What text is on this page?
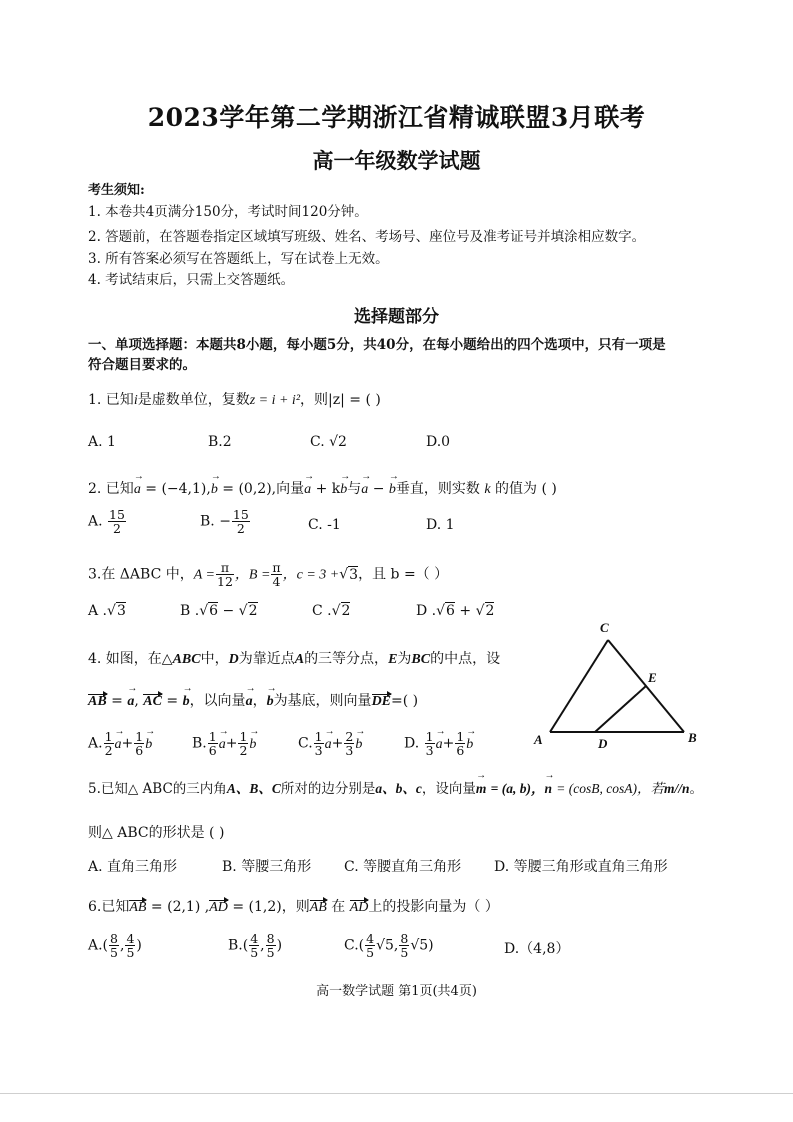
2023学年第二学期浙江省精诚联盟3月联考
高一年级数学试题
考生须知:
1. 本卷共4页满分150分，考试时间120分钟。
2. 答题前，在答题卷指定区域填写班级、姓名、考场号、座位号及准考证号并填涂相应数字。
3. 所有答案必须写在答题纸上，写在试卷上无效。
4. 考试结束后，只需上交答题纸。
选择题部分
一、单项选择题：本题共8小题，每小题5分，共40分，在每小题给出的四个选项中，只有一项是
符合题目要求的。
1. 已知i是虚数单位，复数z = i + i²，则|z| = ( )
A. 1	B.2	C. √2	D.0
2. 已知→ a = (−4,1),→ b = (0,2),向量→ a + k→ b与→ a − → b垂直，则实数 k 的值为 ( )
A. $\frac{15}{2}$	B. − $\frac{15}{2}$	C. -1	D. 1
3.在 ΔABC 中，$A = \frac{\pi}{12}$ ，$B = \frac{\pi}{4}$ ，c = 3 +√3，且 b =（ ）
A .√3	B .√6 − √2	C .√2	D .√6 + √2
4. 如图，在△ABC中，D为靠近点A的三等分点，E为BC的中点，设
AB = → a, AC = → b，以向量→ a，→ b为基底，则向量DE=( )
A. $\frac{1}{2}$
→ $a+ \frac{1}{6}$
→ b	B. $\frac{1}{6}$
→ $a+ \frac{1}{2}$
→ b	C. $\frac{1}{3}$
→ $a+ \frac{2}{3}$
→ b	D. $\frac{1}{3}$
→ $a+ \frac{1}{6}$
→ b
C
E
A	D	B
5.已知△ ABC的三内角A、B、C所对的边分别是a、b、c，设向量→ m = (a, b)，→ n = (cosB, cosA)，若m//n。
则△ ABC的形状是 ( )
A. 直角三角形	B. 等腰三角形 C. 等腰直角三角形 D. 等腰三角形或直角三角形
6.已知AB = (2,1) ,AD = (1,2)，则AB 在 AD上的投影向量为（ ）
$A.( \frac{8}{5}$ , $\frac{4}{5}$ )	$B.( \frac{4}{5}$ , $\frac{8}{5}$ )	$C.( \frac{4}{5} √5$, $\frac{8}{5} √5$)	D.（4,8）
高一数学试题 第1页(共4页)
